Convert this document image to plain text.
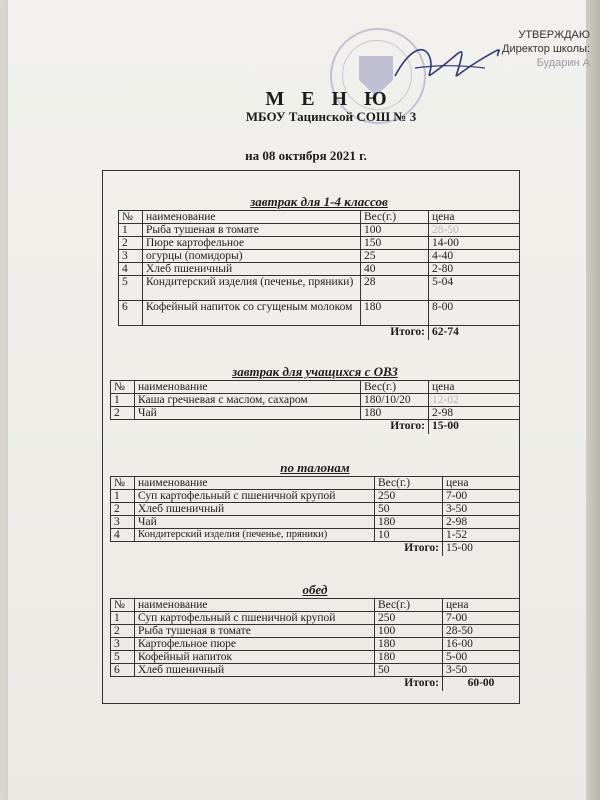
УТВЕРЖДАЮ
Директор школы:
Бударин А
М Е Н Ю
МБОУ Тацинской СОШ № 3
на 08 октября 2021 г.
завтрак для 1-4 классов
№	наименование	Вес(г.)	цена
1	Рыба тушеная в томате	100	28-50
2	Пюре картофельное	150	14-00
3	огурцы (помидоры)	25	4-40
4	Хлеб пшеничный	40	2-80
5	Кондитерский изделия (печенье, пряники)	28	5-04
6	Кофейный напиток со сгущеным молоком	180	8-00
Итого:			62-74
завтрак для учащихся с ОВЗ
№	наименование	Вес(г.)	цена
1	Каша гречневая с маслом, сахаром	180/10/20	12-02
2	Чай	180	2-98
Итого:			15-00
по талонам
№	наименование	Вес(г.)	цена
1	Суп картофельный с пшеничной крупой	250	7-00
2	Хлеб пшеничный	50	3-50
3	Чай	180	2-98
4	Кондитерский изделия (печенье, пряники)	10	1-52
Итого:			15-00
обед
№	наименование	Вес(г.)	цена
1	Суп картофельный с пшеничной крупой	250	7-00
2	Рыба тушеная в томате	100	28-50
3	Картофельное пюре	180	16-00
5	Кофейный напиток	180	5-00
6	Хлеб пшеничный	50	3-50
Итого:			60-00
